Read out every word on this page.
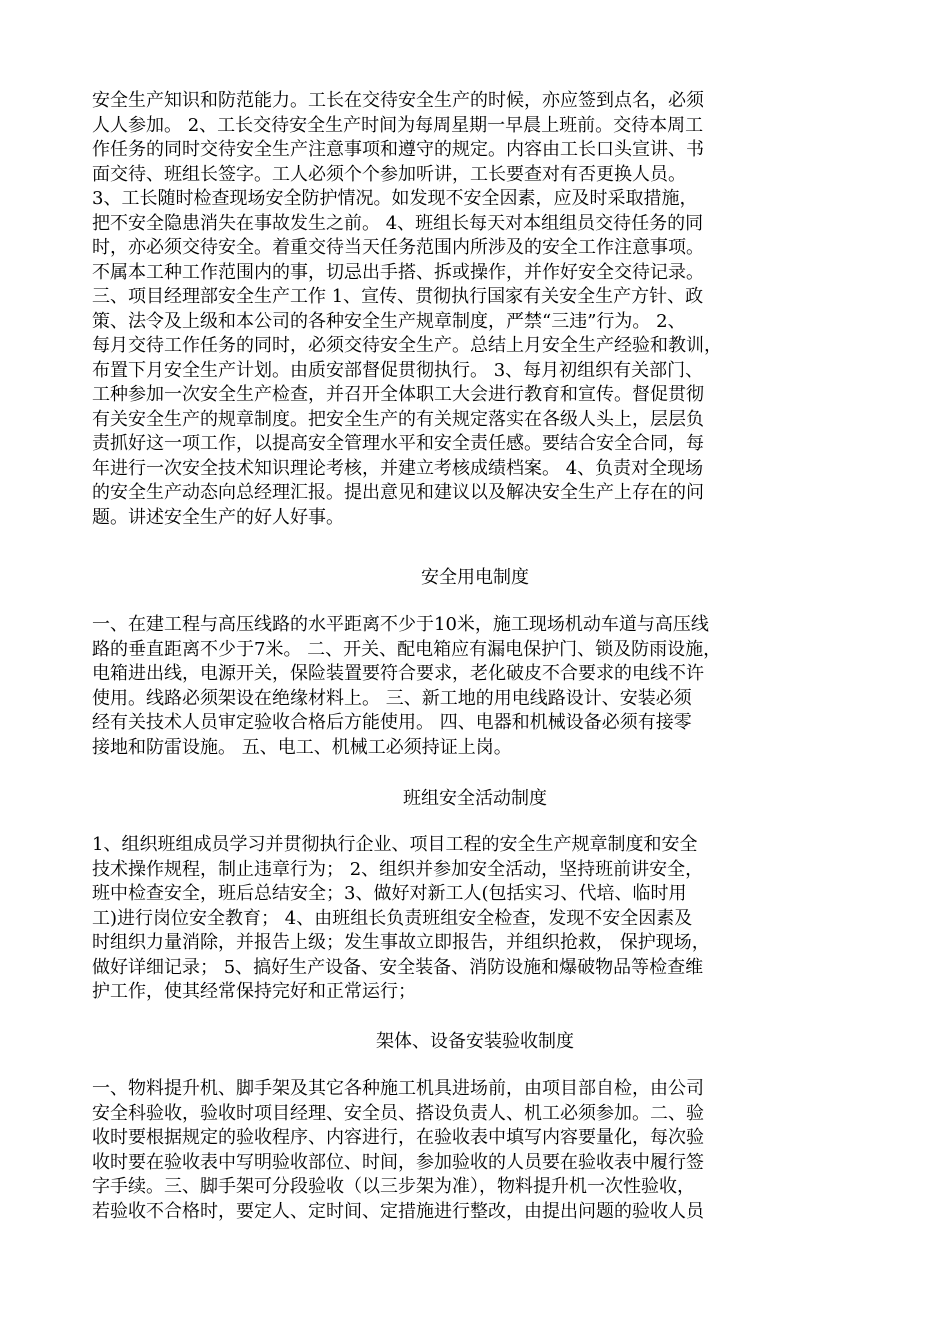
安全生产知识和防范能力。工长在交待安全生产的时候，亦应签到点名，必须
人人参加。 2、工长交待安全生产时间为每周星期一早晨上班前。交待本周工
作任务的同时交待安全生产注意事项和遵守的规定。内容由工长口头宣讲、书
面交待、班组长签字。工人必须个个参加听讲，工长要查对有否更换人员。
3、工长随时检查现场安全防护情况。如发现不安全因素，应及时采取措施，
把不安全隐患消失在事故发生之前。 4、班组长每天对本组组员交待任务的同
时，亦必须交待安全。着重交待当天任务范围内所涉及的安全工作注意事项。
不属本工种工作范围内的事，切忌出手搭、拆或操作，并作好安全交待记录。
三、项目经理部安全生产工作 1、宣传、贯彻执行国家有关安全生产方针、政
策、法令及上级和本公司的各种安全生产规章制度，严禁“三违”行为。 2、
每月交待工作任务的同时，必须交待安全生产。总结上月安全生产经验和教训，
布置下月安全生产计划。由质安部督促贯彻执行。 3、每月初组织有关部门、
工种参加一次安全生产检查，并召开全体职工大会进行教育和宣传。督促贯彻
有关安全生产的规章制度。把安全生产的有关规定落实在各级人头上，层层负
责抓好这一项工作，以提高安全管理水平和安全责任感。要结合安全合同，每
年进行一次安全技术知识理论考核，并建立考核成绩档案。 4、负责对全现场
的安全生产动态向总经理汇报。提出意见和建议以及解决安全生产上存在的问
题。讲述安全生产的好人好事。
安全用电制度
一、在建工程与高压线路的水平距离不少于10米，施工现场机动车道与高压线
路的垂直距离不少于7米。 二、开关、配电箱应有漏电保护门、锁及防雨设施，
电箱进出线，电源开关，保险装置要符合要求，老化破皮不合要求的电线不许
使用。线路必须架设在绝缘材料上。 三、新工地的用电线路设计、安装必须
经有关技术人员审定验收合格后方能使用。 四、电器和机械设备必须有接零
接地和防雷设施。 五、电工、机械工必须持证上岗。
班组安全活动制度
1、组织班组成员学习并贯彻执行企业、项目工程的安全生产规章制度和安全
技术操作规程，制止违章行为； 2、组织并参加安全活动，坚持班前讲安全，
班中检查安全，班后总结安全；3、做好对新工人(包括实习、代培、临时用
工)进行岗位安全教育； 4、由班组长负责班组安全检查，发现不安全因素及
时组织力量消除，并报告上级；发生事故立即报告，并组织抢救， 保护现场，
做好详细记录； 5、搞好生产设备、安全装备、消防设施和爆破物品等检查维
护工作，使其经常保持完好和正常运行；
架体、设备安装验收制度
一、物料提升机、脚手架及其它各种施工机具进场前，由项目部自检，由公司
安全科验收，验收时项目经理、安全员、搭设负责人、机工必须参加。二、验
收时要根据规定的验收程序、内容进行，在验收表中填写内容要量化，每次验
收时要在验收表中写明验收部位、时间，参加验收的人员要在验收表中履行签
字手续。三、脚手架可分段验收（以三步架为准），物料提升机一次性验收，
若验收不合格时，要定人、定时间、定措施进行整改，由提出问题的验收人员
